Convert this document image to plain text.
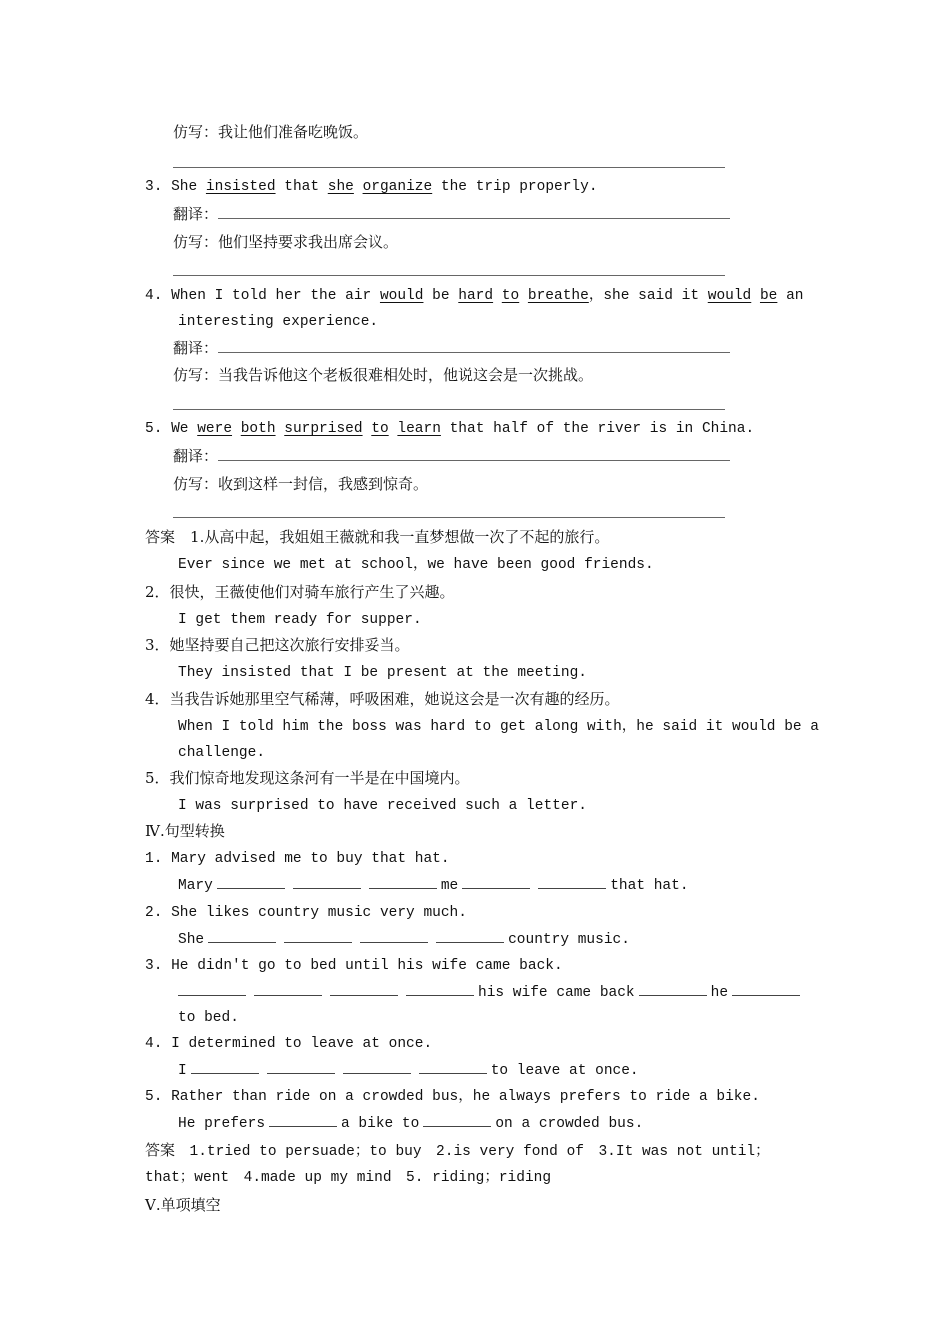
仿写：我让他们准备吃晚饭。
3. She insisted that she organize the trip properly.
翻译：
仿写：他们坚持要求我出席会议。
4. When I told her the air would be hard to breathe，she said it would be an
interesting experience.
翻译：
仿写：当我告诉他这个老板很难相处时，他说这会是一次挑战。
5. We were both surprised to learn that half of the river is in China.
翻译：
仿写：收到这样一封信，我感到惊奇。
答案　 1.从高中起，我姐姐王薇就和我一直梦想做一次了不起的旅行。
Ever since we met at school，we have been good friends.
2．很快，王薇使他们对骑车旅行产生了兴趣。
I get them ready for supper.
3．她坚持要自己把这次旅行安排妥当。
They insisted that I be present at the meeting.
4．当我告诉她那里空气稀薄，呼吸困难，她说这会是一次有趣的经历。
When I told him the boss was hard to get along with，he said it would be a
challenge.
5．我们惊奇地发现这条河有一半是在中国境内。
I was surprised to have received such a letter.
Ⅳ.句型转换
1. Mary advised me to buy that hat.
Mary	me	that hat.
2. She likes country music very much.
She	country music.
3. He didn't go to bed until his wife came back.
his wife came back	he
to bed.
4. I determined to leave at once.
I	to leave at once.
5. Rather than ride on a crowded bus，he always prefers to ride a bike.
He prefers	a bike to	on a crowded bus.
答案　 1.tried to persuade；to buy　2.is very fond of　3.It was not until；
that；went　4.made up my mind　5. riding；riding
Ⅴ.单项填空
